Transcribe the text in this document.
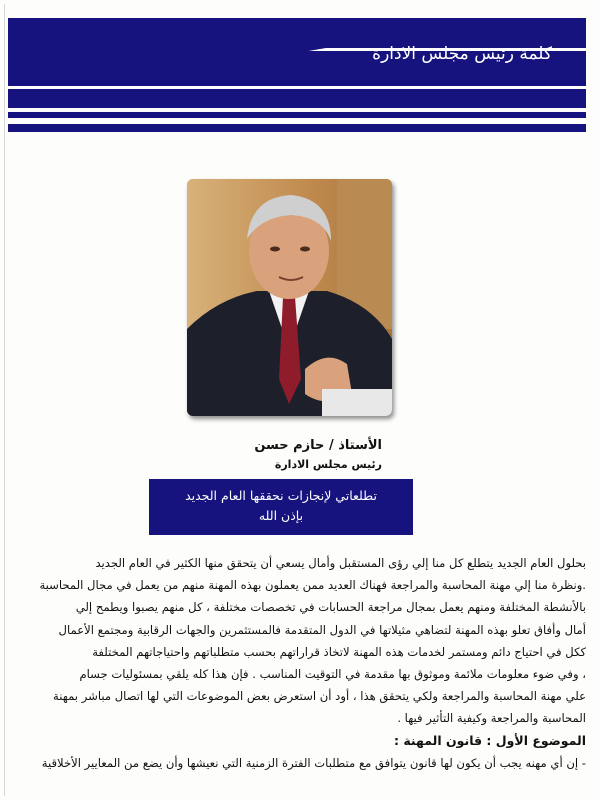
كلمة رئيس مجلس الادارة
الأستاذ / حازم حسن
رئيس مجلس الادارة
تطلعاتي لإنجازات نحققها العام الجديد
بإذن الله

بحلول العام الجديد يتطلع كل منا إلي رؤى المستقبل وأمال يسعي أن يتحقق منها الكثير في العام الجديد

.ونظرة منا إلي مهنة المحاسبة والمراجعة فهناك العديد ممن يعملون بهذه المهنة منهم من يعمل في مجال المحاسبة

بالأنشطة المختلفة ومنهم يعمل بمجال مراجعة الحسابات في تخصصات مختلفة ، كل منهم يصبوا ويطمح إلي

أمال وأفاق تعلو بهذه المهنة لتضاهي مثيلاتها في الدول المتقدمة فالمستثمرين والجهات الرقابية ومجتمع الأعمال

ككل في احتياج دائم ومستمر لخدمات هذه المهنة لاتخاذ قراراتهم بحسب متطلباتهم واحتياجاتهم المختلفة

، وفي ضوء معلومات ملائمة وموثوق بها مقدمة في التوقيت المناسب . فإن هذا كله يلقي بمسئوليات جسام

علي مهنة المحاسبة والمراجعة ولكي يتحقق هذا ، أود أن استعرض بعض الموضوعات التي لها اتصال مباشر بمهنة

المحاسبة والمراجعة وكيفية التأثير فيها .

الموضوع الأول : قانون المهنة :

- إن أي مهنه يجب أن يكون لها قانون يتوافق مع متطلبات الفترة الزمنية التي نعيشها وأن يضع من المعايير الأخلاقية
